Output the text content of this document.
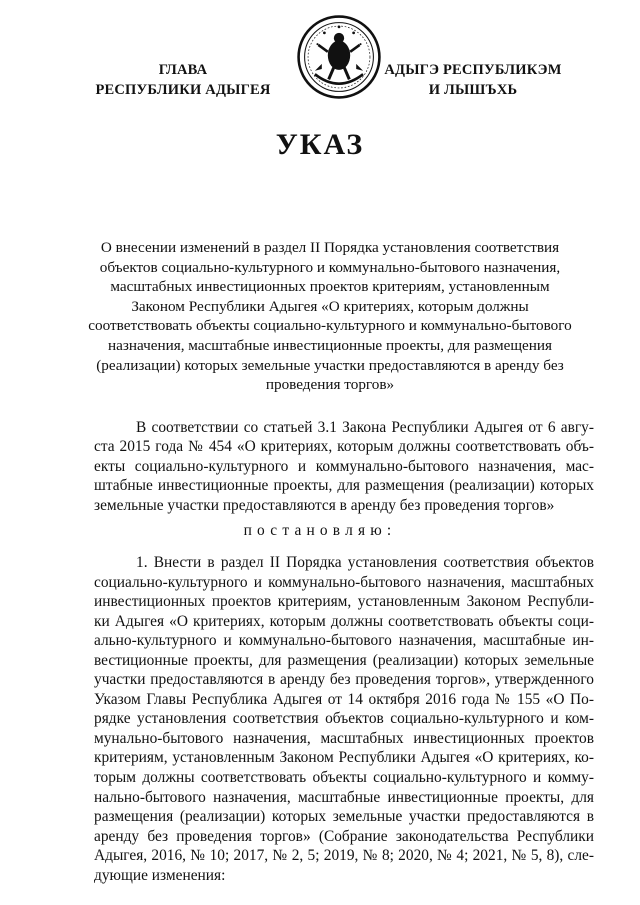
ГЛАВА
РЕСПУБЛИКИ АДЫГЕЯ
АДЫГЭ РЕСПУБЛИКЭМ
И ЛЫШЪХЬ
УКАЗ
О внесении изменений в раздел II Порядка установления соответствия
объектов социально-культурного и коммунально-бытового назначения,
масштабных инвестиционных проектов критериям, установленным
Законом Республики Адыгея «О критериях, которым должны
соответствовать объекты социально-культурного и коммунально-бытового
назначения, масштабные инвестиционные проекты, для размещения
(реализации) которых земельные участки предоставляются в аренду без
проведения торгов»
В соответствии со статьей 3.1 Закона Республики Адыгея от 6 авгу-
ста 2015 года № 454 «О критериях, которым должны соответствовать объ-
екты социально-культурного и коммунально-бытового назначения, мас-
штабные инвестиционные проекты, для размещения (реализации) которых
земельные участки предоставляются в аренду без проведения торгов»
постановляю:
1. Внести в раздел II Порядка установления соответствия объектов
социально-культурного и коммунально-бытового назначения, масштабных
инвестиционных проектов критериям, установленным Законом Республи-
ки Адыгея «О критериях, которым должны соответствовать объекты соци-
ально-культурного и коммунально-бытового назначения, масштабные ин-
вестиционные проекты, для размещения (реализации) которых земельные
участки предоставляются в аренду без проведения торгов», утвержденного
Указом Главы Республика Адыгея от 14 октября 2016 года № 155 «О По-
рядке установления соответствия объектов социально-культурного и ком-
мунально-бытового назначения, масштабных инвестиционных проектов
критериям, установленным Законом Республики Адыгея «О критериях, ко-
торым должны соответствовать объекты социально-культурного и комму-
нально-бытового назначения, масштабные инвестиционные проекты, для
размещения (реализации) которых земельные участки предоставляются в
аренду без проведения торгов» (Собрание законодательства Республики
Адыгея, 2016, № 10; 2017, № 2, 5; 2019, № 8; 2020, № 4; 2021, № 5, 8), сле-
дующие изменения:
